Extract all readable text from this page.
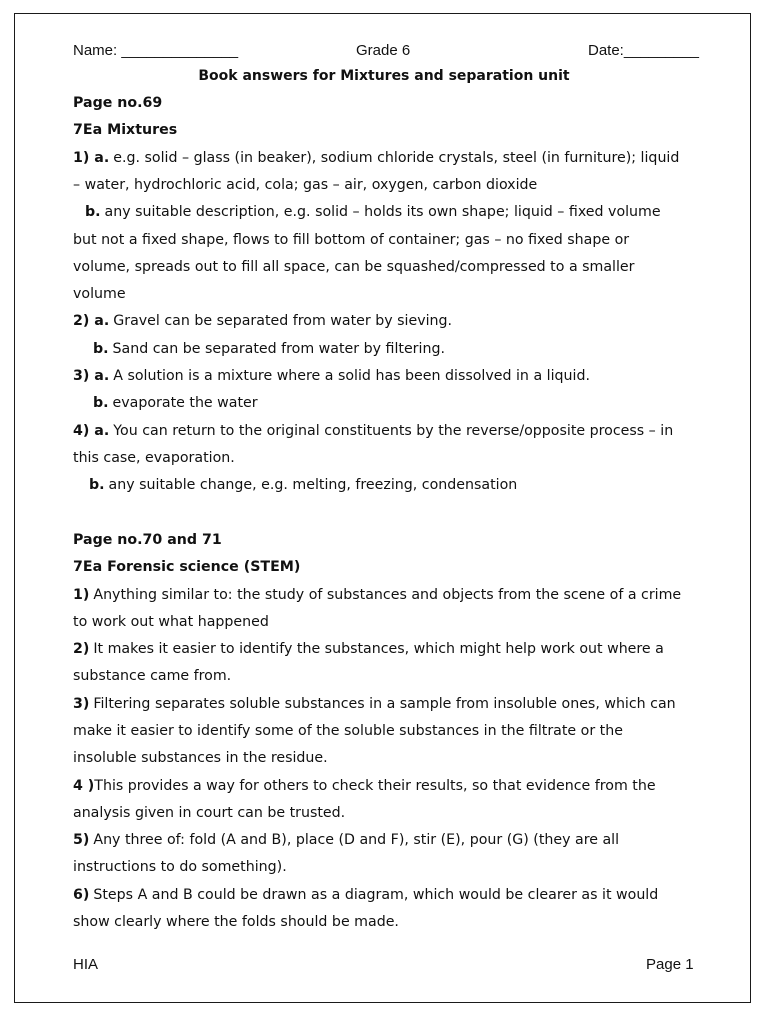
Name: ______________	Grade 6	Date:_________
Book answers for Mixtures and separation unit
Page no.69
7Ea Mixtures
1) a. e.g. solid – glass (in beaker), sodium chloride crystals, steel (in furniture); liquid
– water, hydrochloric acid, cola; gas – air, oxygen, carbon dioxide
b. any suitable description, e.g. solid – holds its own shape; liquid – fixed volume
but not a fixed shape, flows to fill bottom of container; gas – no fixed shape or
volume, spreads out to fill all space, can be squashed/compressed to a smaller
volume
2) a. Gravel can be separated from water by sieving.
b. Sand can be separated from water by filtering.
3) a. A solution is a mixture where a solid has been dissolved in a liquid.
b. evaporate the water
4) a. You can return to the original constituents by the reverse/opposite process – in
this case, evaporation.
b. any suitable change, e.g. melting, freezing, condensation
Page no.70 and 71
7Ea Forensic science (STEM)
1) Anything similar to: the study of substances and objects from the scene of a crime
to work out what happened
2) It makes it easier to identify the substances, which might help work out where a
substance came from.
3) Filtering separates soluble substances in a sample from insoluble ones, which can
make it easier to identify some of the soluble substances in the filtrate or the
insoluble substances in the residue.
4 )This provides a way for others to check their results, so that evidence from the
analysis given in court can be trusted.
5) Any three of: fold (A and B), place (D and F), stir (E), pour (G) (they are all
instructions to do something).
6) Steps A and B could be drawn as a diagram, which would be clearer as it would
show clearly where the folds should be made.
HIA	Page 1
